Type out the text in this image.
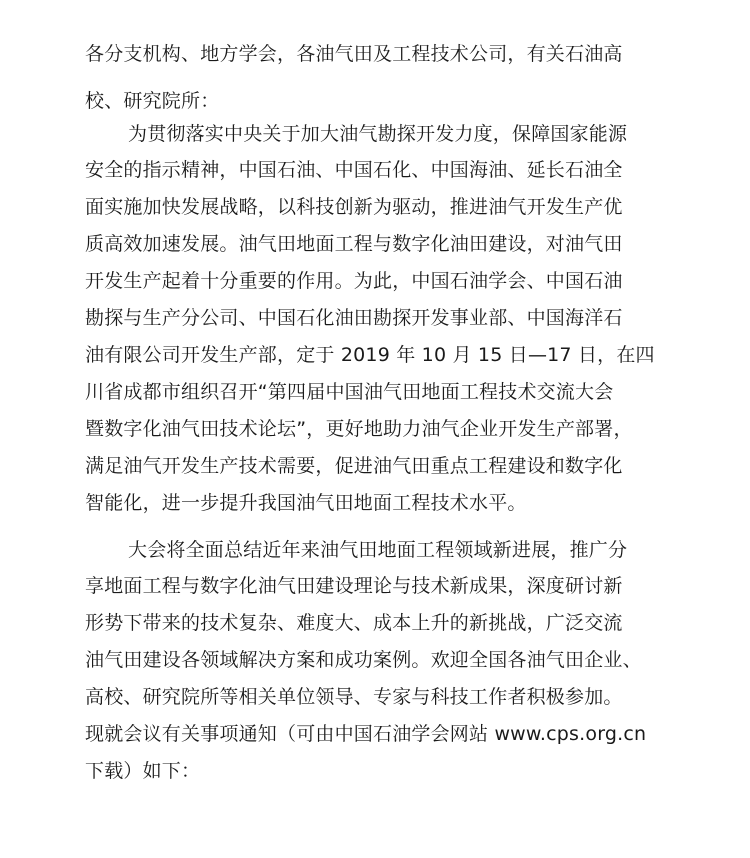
各分支机构、地方学会，各油气田及工程技术公司，有关石油高
校、研究院所：
为贯彻落实中央关于加大油气勘探开发力度，保障国家能源
安全的指示精神，中国石油、中国石化、中国海油、延长石油全
面实施加快发展战略，以科技创新为驱动，推进油气开发生产优
质高效加速发展。油气田地面工程与数字化油田建设，对油气田
开发生产起着十分重要的作用。为此，中国石油学会、中国石油
勘探与生产分公司、中国石化油田勘探开发事业部、中国海洋石
油有限公司开发生产部，定于 2019 年 10 月 15 日—17 日，在四
川省成都市组织召开“第四届中国油气田地面工程技术交流大会
暨数字化油气田技术论坛”，更好地助力油气企业开发生产部署，
满足油气开发生产技术需要，促进油气田重点工程建设和数字化
智能化，进一步提升我国油气田地面工程技术水平。
大会将全面总结近年来油气田地面工程领域新进展，推广分
享地面工程与数字化油气田建设理论与技术新成果，深度研讨新
形势下带来的技术复杂、难度大、成本上升的新挑战，广泛交流
油气田建设各领域解决方案和成功案例。欢迎全国各油气田企业、
高校、研究院所等相关单位领导、专家与科技工作者积极参加。
现就会议有关事项通知（可由中国石油学会网站 www.cps.org.cn
下载）如下：
